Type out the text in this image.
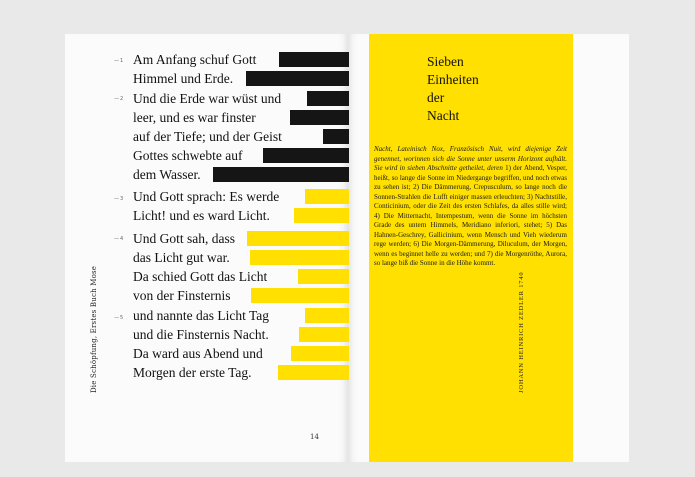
Die Schöpfung, Erstes Buch Mose
— 1
— 2
— 3
— 4
— 5
Am Anfang schuf Gott
Himmel und Erde.
Und die Erde war wüst und
leer, und es war finster
auf der Tiefe; und der Geist
Gottes schwebte auf
dem Wasser.
Und Gott sprach: Es werde
Licht! und es ward Licht.
Und Gott sah, dass
das Licht gut war.
Da schied Gott das Licht
von der Finsternis
und nannte das Licht Tag
und die Finsternis Nacht.
Da ward aus Abend und
Morgen der erste Tag.
14
Sieben
Einheiten
der
Nacht
Nacht, Lateinisch Nox, Französisch Nuit, wird diejenige Zeit genennet, worinnen sich die Sonne unter unserm Horizont aufhält. Sie wird in sieben Abschnitte getheilet, deren 1) der Abend, Vesper, heißt, so lange die Sonne im Niedergange begriffen, und noch etwas zu sehen ist; 2) Die Dämmerung, Crepusculum, so lange noch die Sonnen-Strahlen die Lufft einiger massen erleuchten; 3) Nachtstille, Conticinium, oder die Zeit des ersten Schlafes, da alles stille wird; 4) Die Mitternacht, Intempestum, wenn die Sonne im höchsten Grade des untern Himmels, Meridiano inferiori, stehet; 5) Das Hahnen-Geschrey, Gallicinium, wenn Mensch und Vieh wiederum rege werden; 6) Die Morgen-Dämmerung, Diluculum, der Morgen, wenn es beginnet helle zu werden; und 7) die Morgenröthe, Aurora, so lange biß die Sonne in die Höhe kommt.
JOHANN HEINRICH ZEDLER 1740
